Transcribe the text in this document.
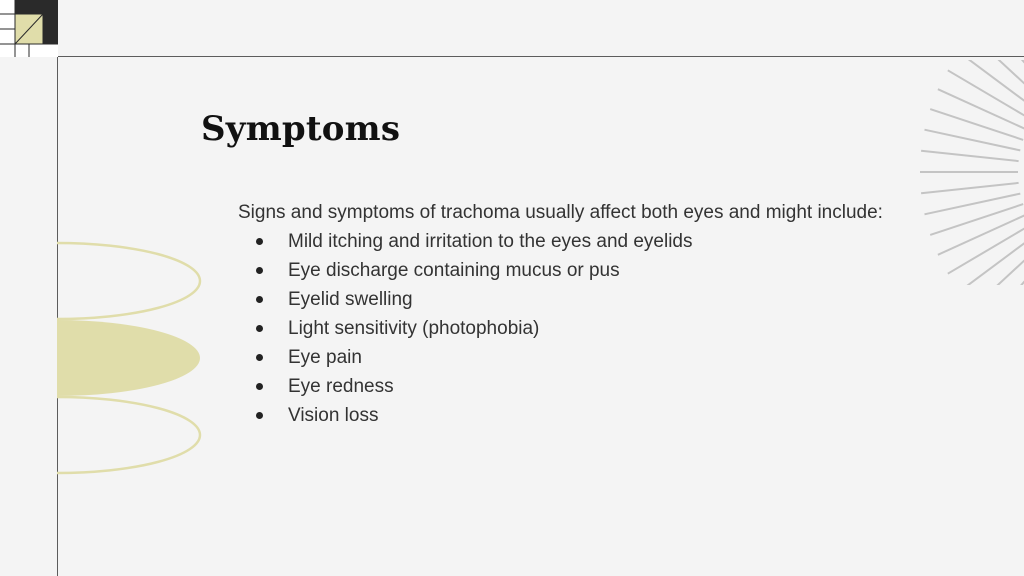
Symptoms

Signs and symptoms of trachoma usually affect both eyes and might include:

Mild itching and irritation to the eyes and eyelids
Eye discharge containing mucus or pus
Eyelid swelling
Light sensitivity (photophobia)
Eye pain
Eye redness
Vision loss
